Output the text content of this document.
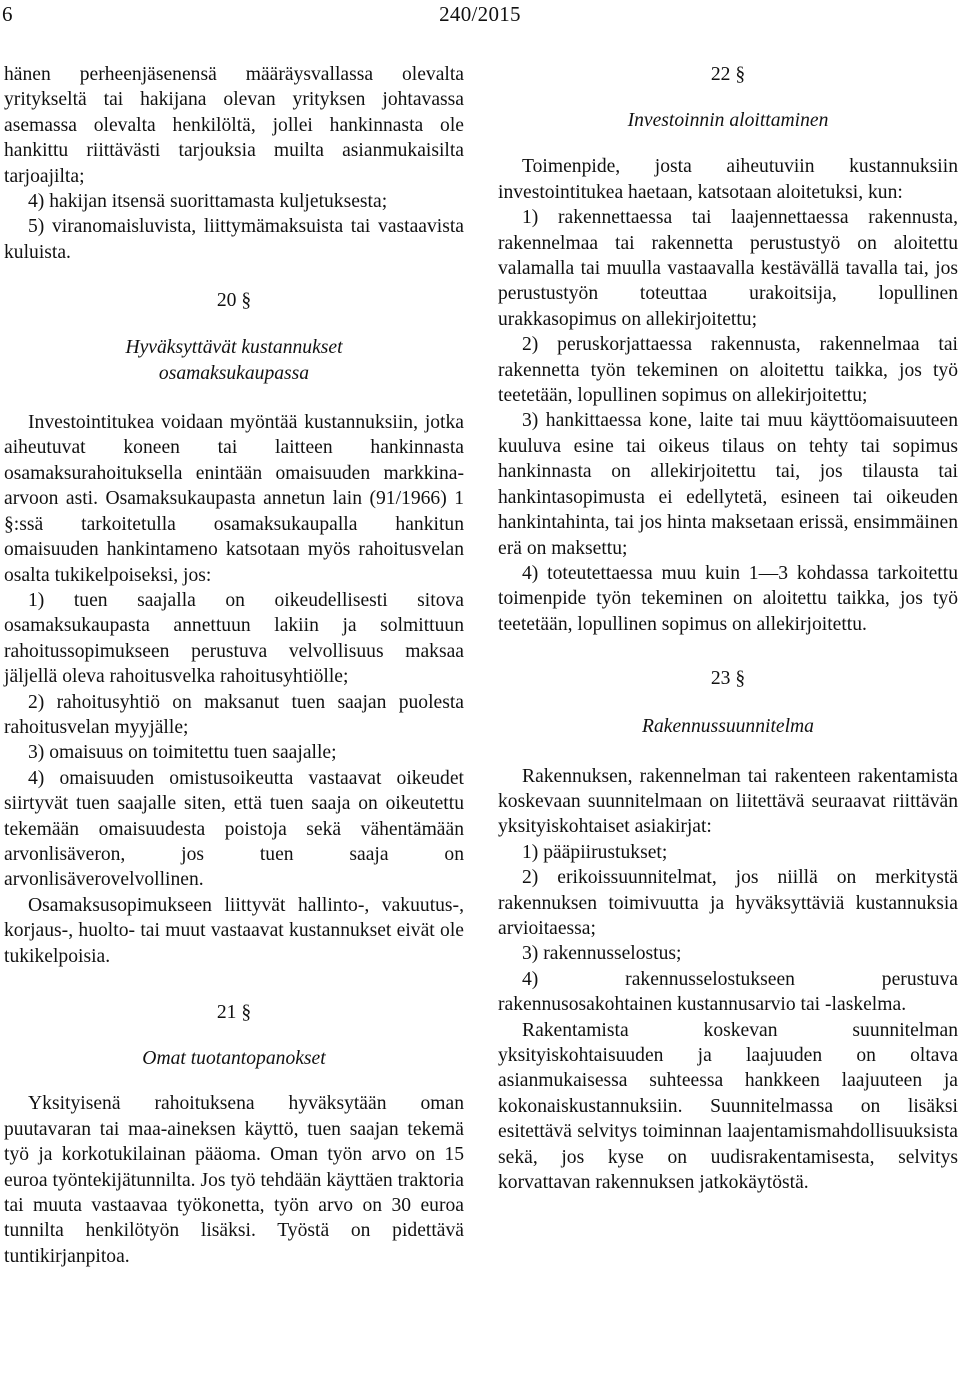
6	240/2015

hänen perheenjäsenensä määräysvallassa olevalta yritykseltä tai hakijana olevan yrityksen johtavassa asemassa olevalta henkilöltä, jollei hankinnasta ole hankittu riittävästi tarjouksia muilta asianmukaisilta tarjoajilta;

4) hakijan itsensä suorittamasta kuljetuksesta;

5) viranomaisluvista, liittymämaksuista tai vastaavista kuluista.

20 §
Hyväksyttävät kustannukset osamaksukaupassa

Investointitukea voidaan myöntää kustannuksiin, jotka aiheutuvat koneen tai laitteen hankinnasta osamaksurahoituksella enintään omaisuuden markkina-arvoon asti. Osamaksukaupasta annetun lain (91/1966) 1 §:ssä tarkoitetulla osamaksukaupalla hankitun omaisuuden hankintameno katsotaan myös rahoitusvelan osalta tukikelpoiseksi, jos:

1) tuen saajalla on oikeudellisesti sitova osamaksukaupasta annettuun lakiin ja solmittuun rahoitussopimukseen perustuva velvollisuus maksaa jäljellä oleva rahoitusvelka rahoitusyhtiölle;

2) rahoitusyhtiö on maksanut tuen saajan puolesta rahoitusvelan myyjälle;

3) omaisuus on toimitettu tuen saajalle;

4) omaisuuden omistusoikeutta vastaavat oikeudet siirtyvät tuen saajalle siten, että tuen saaja on oikeutettu tekemään omaisuudesta poistoja sekä vähentämään arvonlisäveron, jos tuen saaja on arvonlisäverovelvollinen.

Osamaksusopimukseen liittyvät hallinto-, vakuutus-, korjaus-, huolto- tai muut vastaavat kustannukset eivät ole tukikelpoisia.

21 §
Omat tuotantopanokset

Yksityisenä rahoituksena hyväksytään oman puutavaran tai maa-aineksen käyttö, tuen saajan tekemä työ ja korkotukilainan pääoma. Oman työn arvo on 15 euroa työntekijätunnilta. Jos työ tehdään käyttäen traktoria tai muuta vastaavaa työkonetta, työn arvo on 30 euroa tunnilta henkilötyön lisäksi. Työstä on pidettävä tuntikirjanpitoa.

22 §
Investoinnin aloittaminen

Toimenpide, josta aiheutuviin kustannuksiin investointitukea haetaan, katsotaan aloitetuksi, kun:

1) rakennettaessa tai laajennettaessa rakennusta, rakennelmaa tai rakennetta perustustyö on aloitettu valamalla tai muulla vastaavalla kestävällä tavalla tai, jos perustustyön toteuttaa urakoitsija, lopullinen urakkasopimus on allekirjoitettu;

2) peruskorjattaessa rakennusta, rakennelmaa tai rakennetta työn tekeminen on aloitettu taikka, jos työ teetetään, lopullinen sopimus on allekirjoitettu;

3) hankittaessa kone, laite tai muu käyttöomaisuuteen kuuluva esine tai oikeus tilaus on tehty tai sopimus hankinnasta on allekirjoitettu tai, jos tilausta tai hankintasopimusta ei edellytetä, esineen tai oikeuden hankintahinta, tai jos hinta maksetaan erissä, ensimmäinen erä on maksettu;

4) toteutettaessa muu kuin 1—3 kohdassa tarkoitettu toimenpide työn tekeminen on aloitettu taikka, jos työ teetetään, lopullinen sopimus on allekirjoitettu.

23 §
Rakennussuunnitelma

Rakennuksen, rakennelman tai rakenteen rakentamista koskevaan suunnitelmaan on liitettävä seuraavat riittävän yksityiskohtaiset asiakirjat:

1) pääpiirustukset;

2) erikoissuunnitelmat, jos niillä on merkitystä rakennuksen toimivuutta ja hyväksyttäviä kustannuksia arvioitaessa;

3) rakennusselostus;

4) rakennusselostukseen perustuva rakennusosakohtainen kustannusarvio tai -laskelma.

Rakentamista koskevan suunnitelman yksityiskohtaisuuden ja laajuuden on oltava asianmukaisessa suhteessa hankkeen laajuuteen ja kokonaiskustannuksiin. Suunnitelmassa on lisäksi esitettävä selvitys toiminnan laajentamismahdollisuuksista sekä, jos kyse on uudisrakentamisesta, selvitys korvattavan rakennuksen jatkokäytöstä.
